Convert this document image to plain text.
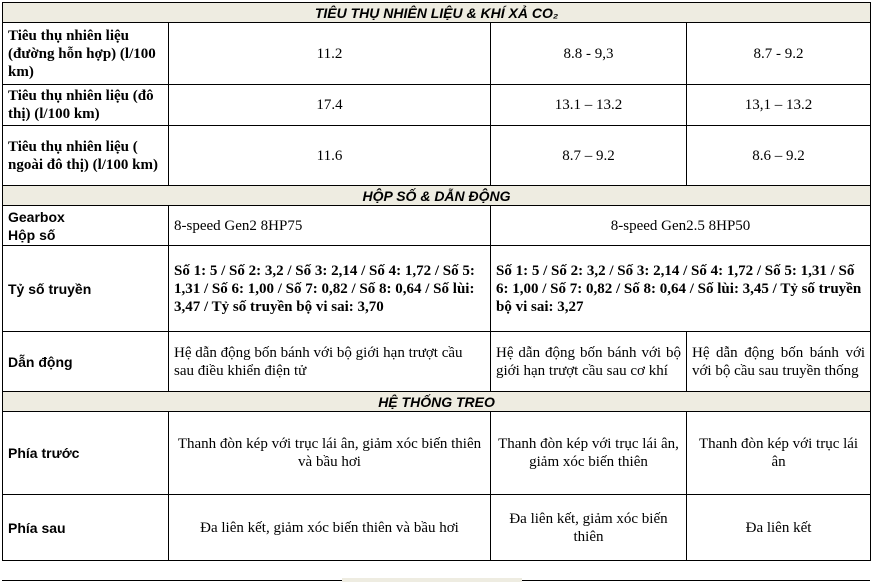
TIÊU THỤ NHIÊN LIỆU & KHÍ XẢ CO₂			
Tiêu thụ nhiên liệu (đường hỗn hợp) (l/100 km)	11.2	8.8 - 9,3	8.7 - 9.2
Tiêu thụ nhiên liệu (đô thị) (l/100 km)	17.4	13.1 – 13.2	13,1 – 13.2
Tiêu thụ nhiên liệu ( ngoài đô thị) (l/100 km)	11.6	8.7 – 9.2	8.6 – 9.2
HỘP SỐ & DẪN ĐỘNG			

Gearbox
Hộp số	8-speed Gen2 8HP75	8-speed Gen2.5 8HP50	
Tỷ số truyền	Số 1: 5 / Số 2: 3,2 / Số 3: 2,14 / Số 4: 1,72 / Số 5: 1,31 / Số 6: 1,00 / Số 7: 0,82 / Số 8: 0,64 / Số lùi: 3,47 / Tỷ số truyền bộ vi sai: 3,70	Số 1: 5 / Số 2: 3,2 / Số 3: 2,14 / Số 4: 1,72 / Số 5: 1,31 / Số 6: 1,00 / Số 7: 0,82 / Số 8: 0,64 / Số lùi: 3,45 / Tỷ số truyền bộ vi sai: 3,27	
Dẫn động	Hệ dẫn động bốn bánh với bộ giới hạn trượt cầu sau điều khiển điện tử	Hệ dẫn động bốn bánh với bộ giới hạn trượt cầu sau cơ khí	Hệ dẫn động bốn bánh với với bộ cầu sau truyền thống
HỆ THỐNG TREO			
Phía trước	Thanh đòn kép với trục lái ân, giảm xóc biến thiên và bầu hơi	Thanh đòn kép với trục lái ân, giảm xóc biến thiên	Thanh đòn kép với trục lái ân
Phía sau	Đa liên kết, giảm xóc biến thiên và bầu hơi	Đa liên kết, giảm xóc biến thiên	Đa liên kết
